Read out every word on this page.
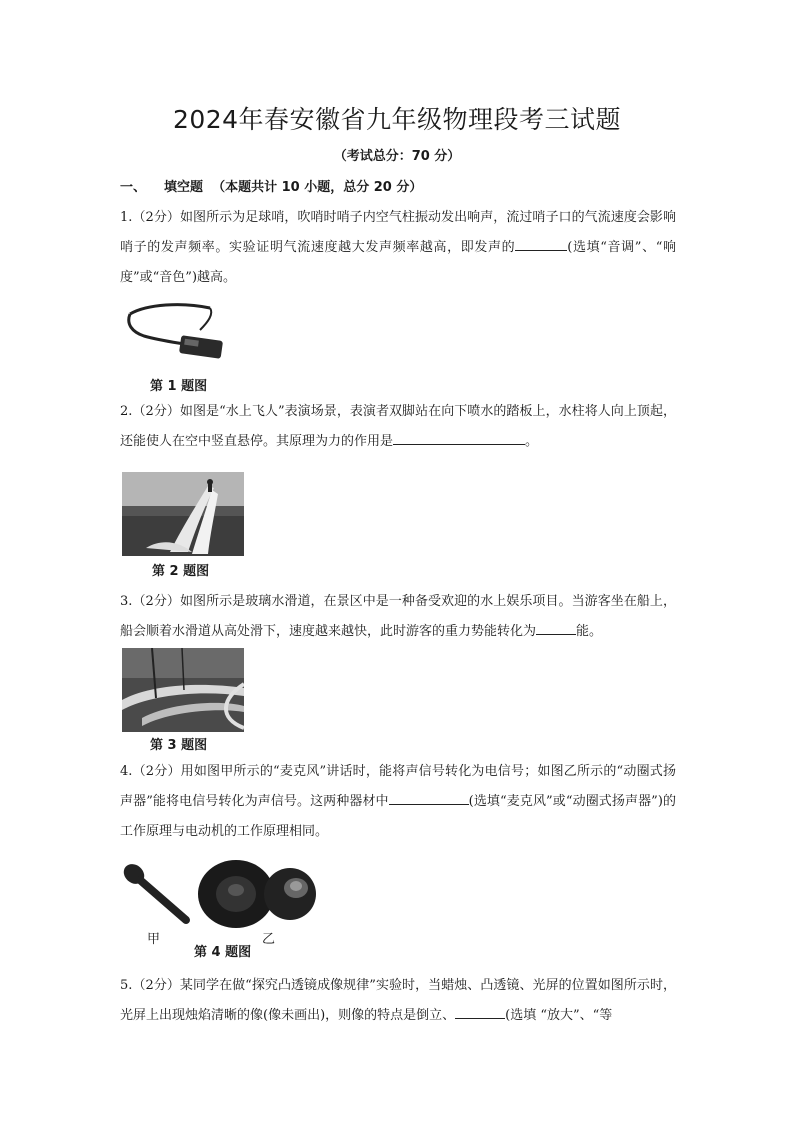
2024年春安徽省九年级物理段考三试题
（考试总分：70 分）
一、 填空题 （本题共计 10 小题，总分 20 分）
1.（2分）如图所示为足球哨，吹哨时哨子内空气柱振动发出响声，流过哨子口的气流速度会影响哨子的发声频率。实验证明气流速度越大发声频率越高，即发声的	(选填“音调”、“响度”或“音色”)越高。
第 1 题图
2.（2分）如图是“水上飞人”表演场景，表演者双脚站在向下喷水的踏板上，水柱将人向上顶起，还能使人在空中竖直悬停。其原理为力的作用是	。
第 2 题图
3.（2分）如图所示是玻璃水滑道，在景区中是一种备受欢迎的水上娱乐项目。当游客坐在船上，船会顺着水滑道从高处滑下，速度越来越快，此时游客的重力势能转化为	能。
第 3 题图
4.（2分）用如图甲所示的“麦克风”讲话时，能将声信号转化为电信号；如图乙所示的“动圈式扬声器”能将电信号转化为声信号。这两种器材中	(选填“麦克风”或“动圈式扬声器”)的工作原理与电动机的工作原理相同。
甲
第 4 题图
乙
5.（2分）某同学在做“探究凸透镜成像规律”实验时，当蜡烛、凸透镜、光屏的位置如图所示时，光屏上出现烛焰清晰的像(像未画出)，则像的特点是倒立、	(选填 “放大”、“等
